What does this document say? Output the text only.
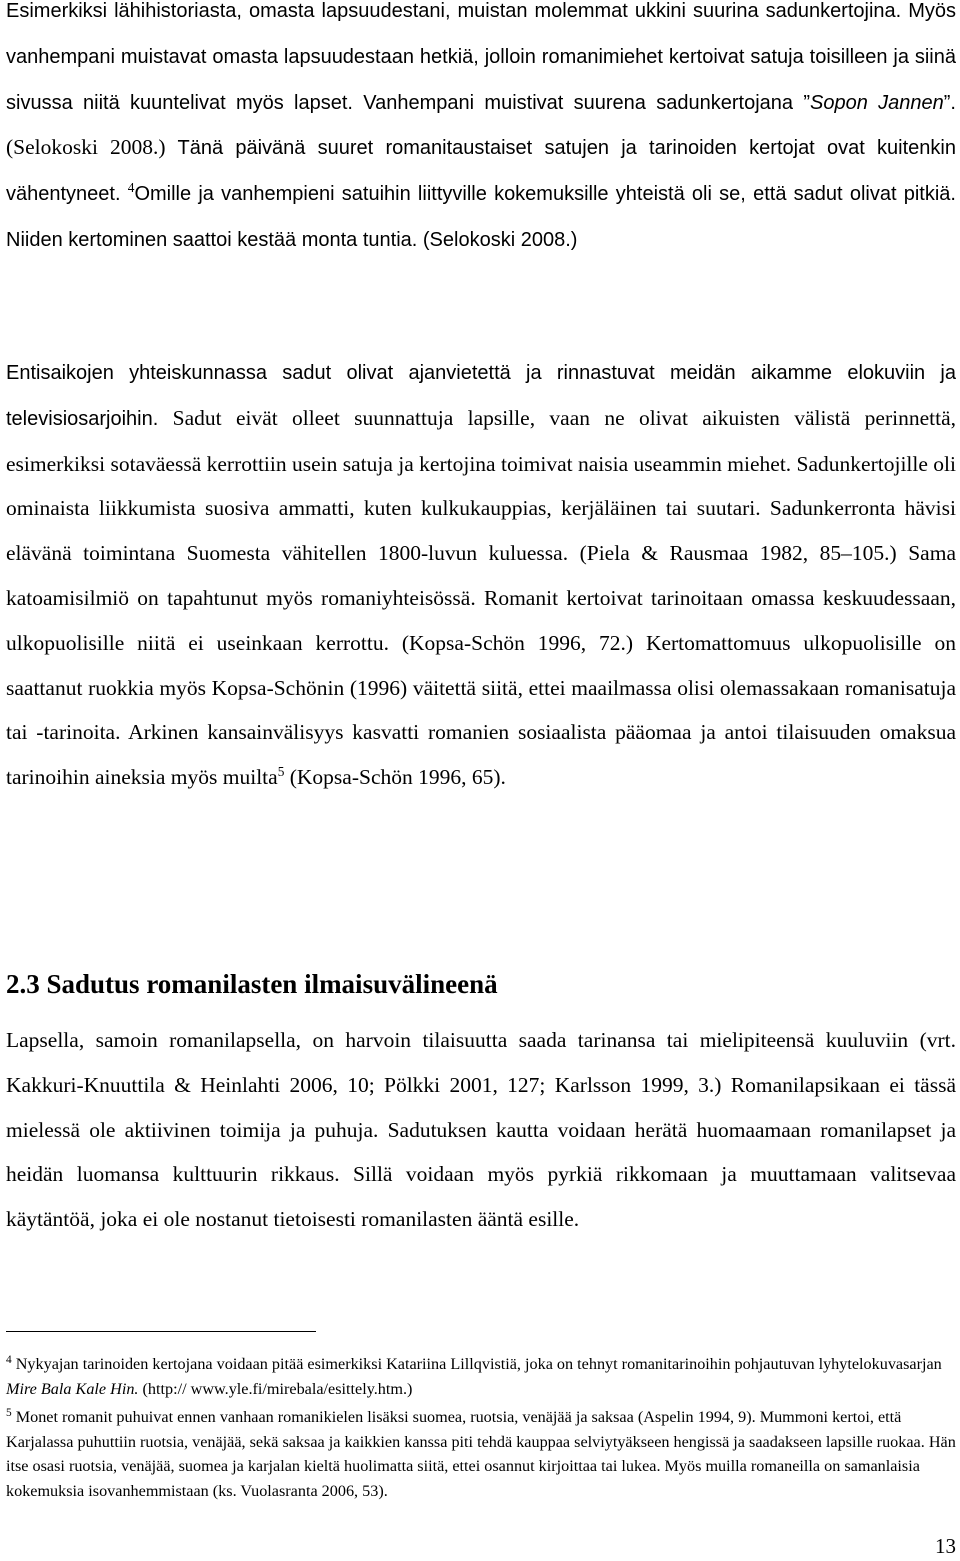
Esimerkiksi lähihistoriasta, omasta lapsuudestani, muistan molemmat ukkini suurina sadunkertojina. Myös vanhempani muistavat omasta lapsuudestaan hetkiä, jolloin romanimiehet kertoivat satuja toisilleen ja siinä sivussa niitä kuuntelivat myös lapset. Vanhempani muistivat suurena sadunkertojana ”Sopon Jannen”. (Selokoski 2008.) Tänä päivänä suuret romanitaustaiset satujen ja tarinoiden kertojat ovat kuitenkin vähentyneet. $^4$Omille ja vanhempieni satuihin liittyville kokemuksille yhteistä oli se, että sadut olivat pitkiä. Niiden kertominen saattoi kestää monta tuntia. (Selokoski 2008.)

Entisaikojen yhteiskunnassa sadut olivat ajanvietettä ja rinnastuvat meidän aikamme elokuviin ja televisiosarjoihin. Sadut eivät olleet suunnattuja lapsille, vaan ne olivat aikuisten välistä perinnettä, esimerkiksi sotaväessä kerrottiin usein satuja ja kertojina toimivat naisia useammin miehet. Sadunkertojille oli ominaista liikkumista suosiva ammatti, kuten kulkukauppias, kerjäläinen tai suutari. Sadunkerronta hävisi elävänä toimintana Suomesta vähitellen 1800-luvun kuluessa. (Piela & Rausmaa 1982, 85–105.) Sama katoamisilmiö on tapahtunut myös romaniyhteisössä. Romanit kertoivat tarinoitaan omassa keskuudessaan, ulkopuolisille niitä ei useinkaan kerrottu. (Kopsa-Schön 1996, 72.) Kertomattomuus ulkopuolisille on saattanut ruokkia myös Kopsa-Schönin (1996) väitettä siitä, ettei maailmassa olisi olemassakaan romanisatuja tai -tarinoita. Arkinen kansainvälisyys kasvatti romanien sosiaalista pääomaa ja antoi tilaisuuden omaksua tarinoihin aineksia myös muilta$^5$ (Kopsa-Schön 1996, 65).

2.3 Sadutus romanilasten ilmaisuvälineenä

Lapsella, samoin romanilapsella, on harvoin tilaisuutta saada tarinansa tai mielipiteensä kuuluviin (vrt. Kakkuri-Knuuttila & Heinlahti 2006, 10; Pölkki 2001, 127; Karlsson 1999, 3.) Romanilapsikaan ei tässä mielessä ole aktiivinen toimija ja puhuja. Sadutuksen kautta voidaan herätä huomaamaan romanilapset ja heidän luomansa kulttuurin rikkaus. Sillä voidaan myös pyrkiä rikkomaan ja muuttamaan valitsevaa käytäntöä, joka ei ole nostanut tietoisesti romanilasten ääntä esille.

$^4$ Nykyajan tarinoiden kertojana voidaan pitää esimerkiksi Katariina Lillqvistiä, joka on tehnyt romanitarinoihin pohjautuvan lyhytelokuvasarjan Mire Bala Kale Hin. (http:// www.yle.fi/mirebala/esittely.htm.)

$^5$ Monet romanit puhuivat ennen vanhaan romanikielen lisäksi suomea, ruotsia, venäjää ja saksaa (Aspelin 1994, 9). Mummoni kertoi, että Karjalassa puhuttiin ruotsia, venäjää, sekä saksaa ja kaikkien kanssa piti tehdä kauppaa selviytyäkseen hengissä ja saadakseen lapsille ruokaa. Hän itse osasi ruotsia, venäjää, suomea ja karjalan kieltä huolimatta siitä, ettei osannut kirjoittaa tai lukea. Myös muilla romaneilla on samanlaisia kokemuksia isovanhemmistaan (ks. Vuolasranta 2006, 53).

13
